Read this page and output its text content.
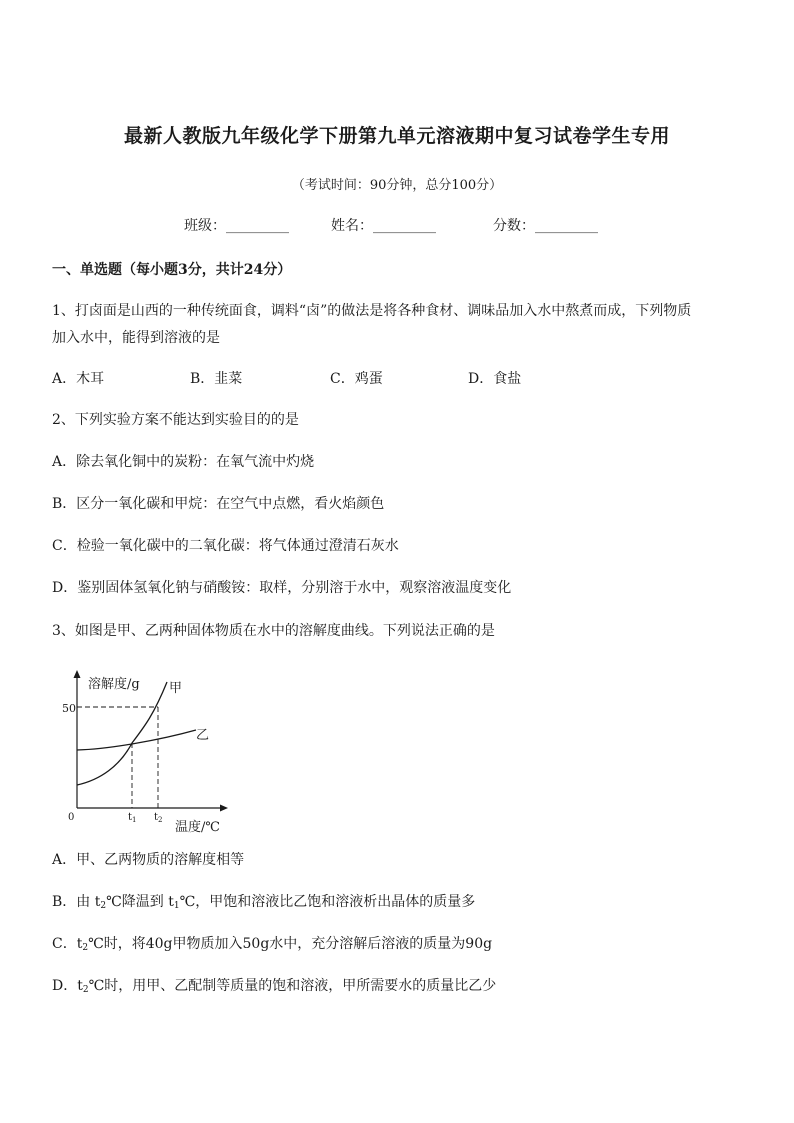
最新人教版九年级化学下册第九单元溶液期中复习试卷学生专用
（考试时间：90分钟，总分100分）
班级：_________	姓名：_________	分数：_________
一、单选题（每小题3分，共计24分）
1、打卤面是山西的一种传统面食，调料“卤”的做法是将各种食材、调味品加入水中熬煮而成，下列物质
加入水中，能得到溶液的是
A．木耳	B．韭菜	C．鸡蛋	D．食盐
2、下列实验方案不能达到实验目的的是
A．除去氧化铜中的炭粉：在氧气流中灼烧
B．区分一氧化碳和甲烷：在空气中点燃，看火焰颜色
C．检验一氧化碳中的二氧化碳：将气体通过澄清石灰水
D．鉴别固体氢氧化钠与硝酸铵：取样，分别溶于水中，观察溶液温度变化
3、如图是甲、乙两种固体物质在水中的溶解度曲线。下列说法正确的是
溶解度/g 甲
乙
50
0	$t_1$ $t_2$ 温度/℃
A．甲、乙两物质的溶解度相等
B．由 $t_2℃$降温到 $t_1℃$，甲饱和溶液比乙饱和溶液析出晶体的质量多
C．$t_2℃$时，将40g甲物质加入50g水中，充分溶解后溶液的质量为90g
D．$t_2℃$时，用甲、乙配制等质量的饱和溶液，甲所需要水的质量比乙少
